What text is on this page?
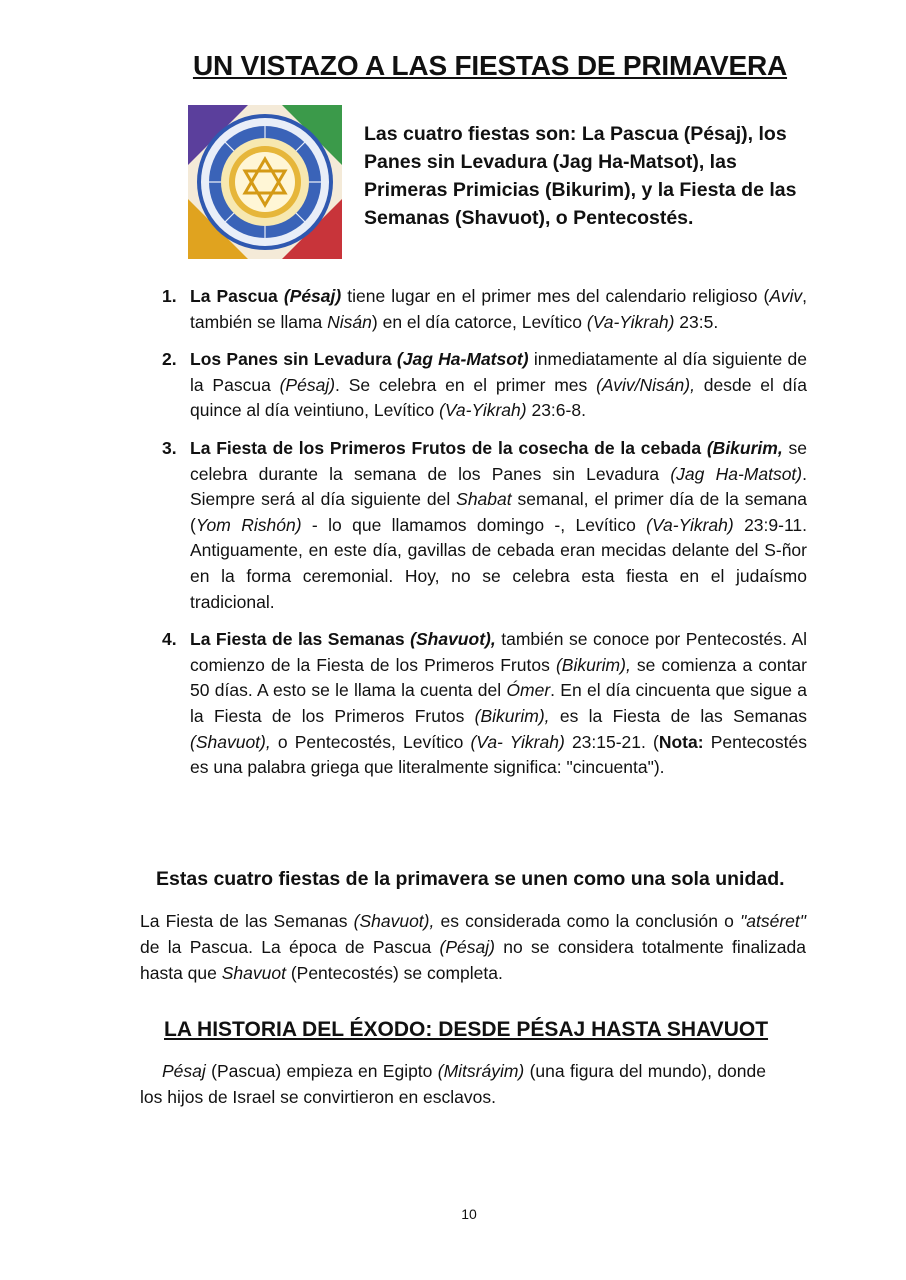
UN VISTAZO A LAS FIESTAS DE PRIMAVERA
Las cuatro fiestas son: La Pascua (Pésaj), los Panes sin Levadura (Jag Ha-Matsot), las Primeras Primicias (Bikurim), y la Fiesta de las Semanas (Shavuot), o Pentecostés.
1. La Pascua (Pésaj) tiene lugar en el primer mes del calendario religioso (Aviv, también se llama Nisán) en el día catorce, Levítico (Va-Yikrah) 23:5.
2. Los Panes sin Levadura (Jag Ha-Matsot) inmediatamente al día siguiente de la Pascua (Pésaj). Se celebra en el primer mes (Aviv/Nisán), desde el día quince al día veintiuno, Levítico (Va-Yikrah) 23:6-8.
3. La Fiesta de los Primeros Frutos de la cosecha de la cebada (Bikurim, se celebra durante la semana de los Panes sin Levadura (Jag Ha-Matsot). Siempre será al día siguiente del Shabat semanal, el primer día de la semana (Yom Rishón) - lo que llamamos domingo -, Levítico (Va-Yikrah) 23:9-11. Antiguamente, en este día, gavillas de cebada eran mecidas delante del S-ñor en la forma ceremonial. Hoy, no se celebra esta fiesta en el judaísmo tradicional.
4. La Fiesta de las Semanas (Shavuot), también se conoce por Pentecostés. Al comienzo de la Fiesta de los Primeros Frutos (Bikurim), se comienza a contar 50 días. A esto se le llama la cuenta del Ómer. En el día cincuenta que sigue a la Fiesta de los Primeros Frutos (Bikurim), es la Fiesta de las Semanas (Shavuot), o Pentecostés, Levítico (Va- Yikrah) 23:15-21. (Nota: Pentecostés es una palabra griega que literalmente significa: "cincuenta").
Estas cuatro fiestas de la primavera se unen como una sola unidad.
La Fiesta de las Semanas (Shavuot), es considerada como la conclusión o "atséret" de la Pascua. La época de Pascua (Pésaj) no se considera totalmente finalizada hasta que Shavuot (Pentecostés) se completa.
LA HISTORIA DEL ÉXODO: DESDE PÉSAJ HASTA SHAVUOT
Pésaj (Pascua) empieza en Egipto (Mitsráyim) (una figura del mundo), donde los hijos de Israel se convirtieron en esclavos.
10
